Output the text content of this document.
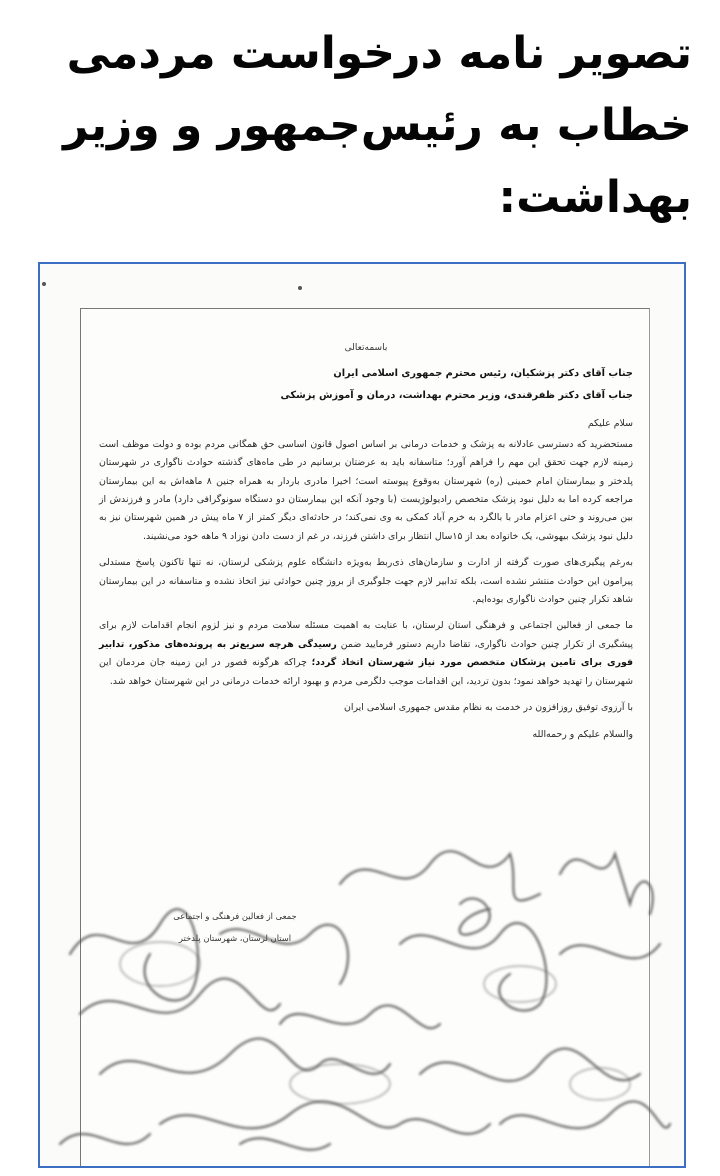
تصویر نامه درخواست مردمی
خطاب به رئیس‌جمهور و وزیر
بهداشت:
باسمه‌تعالی
جناب آقای دکتر پزشکیان، رئیس محترم جمهوری اسلامی ایران
جناب آقای دکتر ظفرقندی، وزیر محترم بهداشت، درمان و آموزش پزشکی
سلام علیکم

مستحضرید که دسترسی عادلانه به پزشک و خدمات درمانی بر اساس اصول قانون اساسی حق همگانی مردم بوده و دولت موظف است زمینه لازم جهت تحقق این مهم را فراهم آورد؛ متاسفانه باید به عرضتان برسانیم در طی ماه‌های گذشته حوادث ناگواری در شهرستان پلدختر و بیمارستان امام خمینی (ره) شهرستان به‌وقوع پیوسته است؛ اخیرا مادری باردار به همراه جنین ۸ ماهه‌اش به این بیمارستان مراجعه کرده اما به دلیل نبود پزشک متخصص رادیولوژیست (با وجود آنکه این بیمارستان دو دستگاه سونوگرافی دارد) مادر و فرزندش از بین می‌روند و حتی اعزام مادر با بالگرد به خرم آباد کمکی به وی نمی‌کند؛ در حادثه‌ای دیگر کمتر از ۷ ماه پیش در همین شهرستان نیز به دلیل نبود پزشک بیهوشی، یک خانواده بعد از ۱۵سال انتظار برای داشتن فرزند، در غم از دست دادن نوزاد ۹ ماهه خود می‌نشیند.

به‌رغم پیگیری‌های صورت گرفته از ادارت و سازمان‌های ذی‌ربط به‌ویژه دانشگاه علوم پزشکی لرستان، نه تنها تاکنون پاسخ مستدلی پیرامون این حوادث منتشر نشده است، بلکه تدابیر لازم جهت جلوگیری از بروز چنین حوادثی نیز اتخاذ نشده و متاسفانه در این بیمارستان شاهد تکرار چنین حوادث ناگواری بوده‌ایم.

ما جمعی از فعالین اجتماعی و فرهنگی استان لرستان، با عنایت به اهمیت مسئله سلامت مردم و نیز لزوم انجام اقدامات لازم برای پیشگیری از تکرار چنین حوادث ناگواری، تقاضا داریم دستور فرمایید ضمن رسیدگی هرچه سریع‌تر به پرونده‌های مذکور، تدابیر فوری برای تامین پزشکان متخصص مورد نیاز شهرستان اتخاذ گردد؛ چراکه هرگونه قصور در این زمینه جان مردمان این شهرستان را تهدید خواهد نمود؛ بدون تردید، این اقدامات موجب دلگرمی مردم و بهبود ارائه خدمات درمانی در این شهرستان خواهد شد.

با آرزوی توفیق روزافزون در خدمت به نظام مقدس جمهوری اسلامی ایران
والسلام علیکم و رحمه‌الله
جمعی از فعالین فرهنگی و اجتماعی
استان لرستان، شهرستان پلدختر
